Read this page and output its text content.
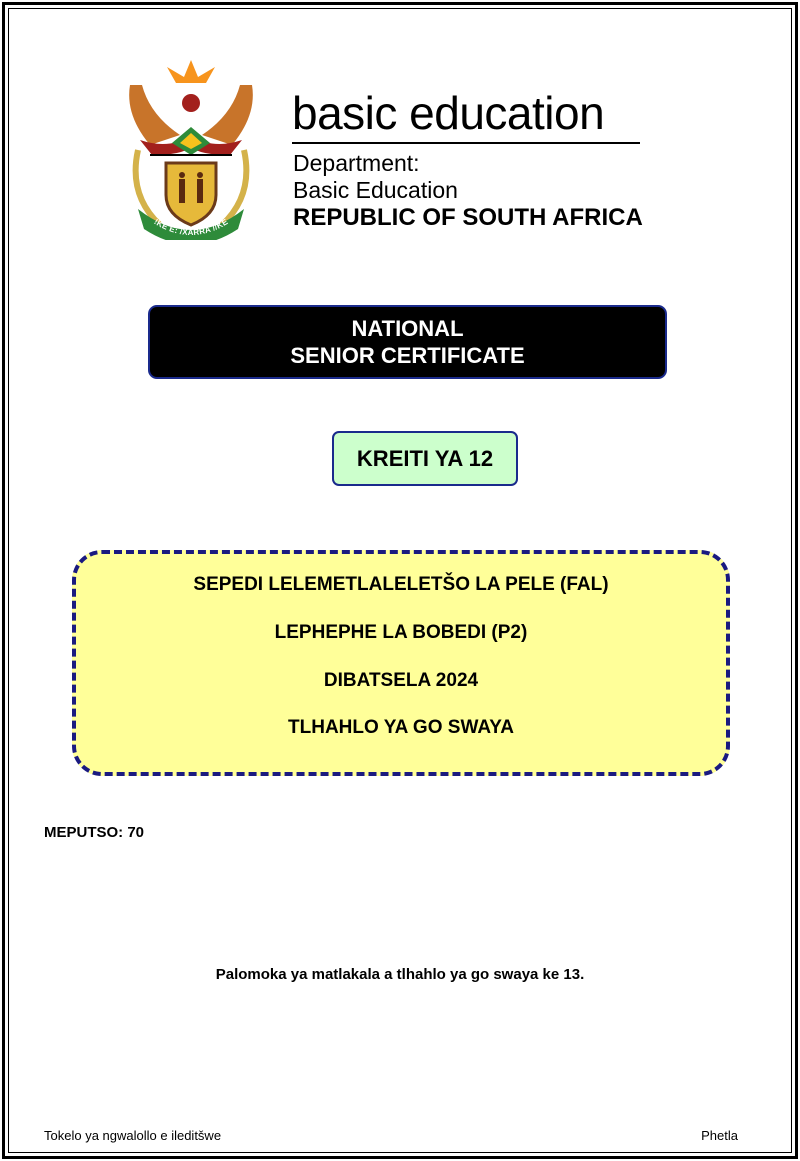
!KE E: /XARRA //KE
basic education
Department:
Basic Education
REPUBLIC OF SOUTH AFRICA
NATIONAL
SENIOR CERTIFICATE
KREITI YA 12
SEPEDI LELEMETLALELETŠO LA PELE (FAL)
LEPHEPHE LA BOBEDI (P2)
DIBATSELA 2024
TLHAHLO YA GO SWAYA
MEPUTSO: 70
Palomoka ya matlakala a tlhahlo ya go swaya ke 13.
Tokelo ya ngwalollo e ileditšwe	Phetla
